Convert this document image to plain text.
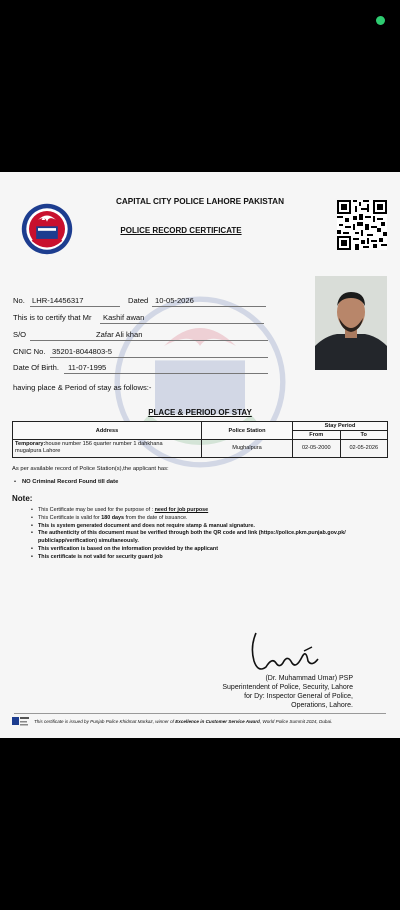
CAPITAL CITY POLICE LAHORE PAKISTAN
POLICE RECORD CERTIFICATE
No. LHR-14456317	Dated 10-05-2026
This is to certify that Mr Kashif awan
S/O	Zafar Ali khan
CNIC No. 35201-8044803-5
Date Of Birth. 11-07-1995
having place & Period of stay as follows:-
PLACE & PERIOD OF STAY
Address	Police Station	Stay Period	
		From	To
Temporary:house number 156 quarter number 1 dahkhana
mugalpura Lahore	Mughalpura	02-05-2000	02-05-2026
As per available record of Police Station(s),the applicant has:
• NO Criminal Record Found till date
Note:
• This Certificate may be used for the purpose of : need for job purpose
• This Certificate is valid for 180 days from the date of issuance.
• This is system generated document and does not require stamp & manual signature.
• The authenticity of this document must be verified through both the QR code and link (https://police.pkm.punjab.gov.pk/ public/app/verification) simultaneously.
• This verification is based on the information provided by the applicant
• This certificate is not valid for security guard job
(Dr. Muhammad Umar) PSP
Superintendent of Police, Security, Lahore
for Dy: Inspector General of Police,
Operations, Lahore.
This certificate is issued by Punjab Police Khidmat Markaz, winner of Excellence in Customer Service Award, World Police Summit 2024, Dubai.
